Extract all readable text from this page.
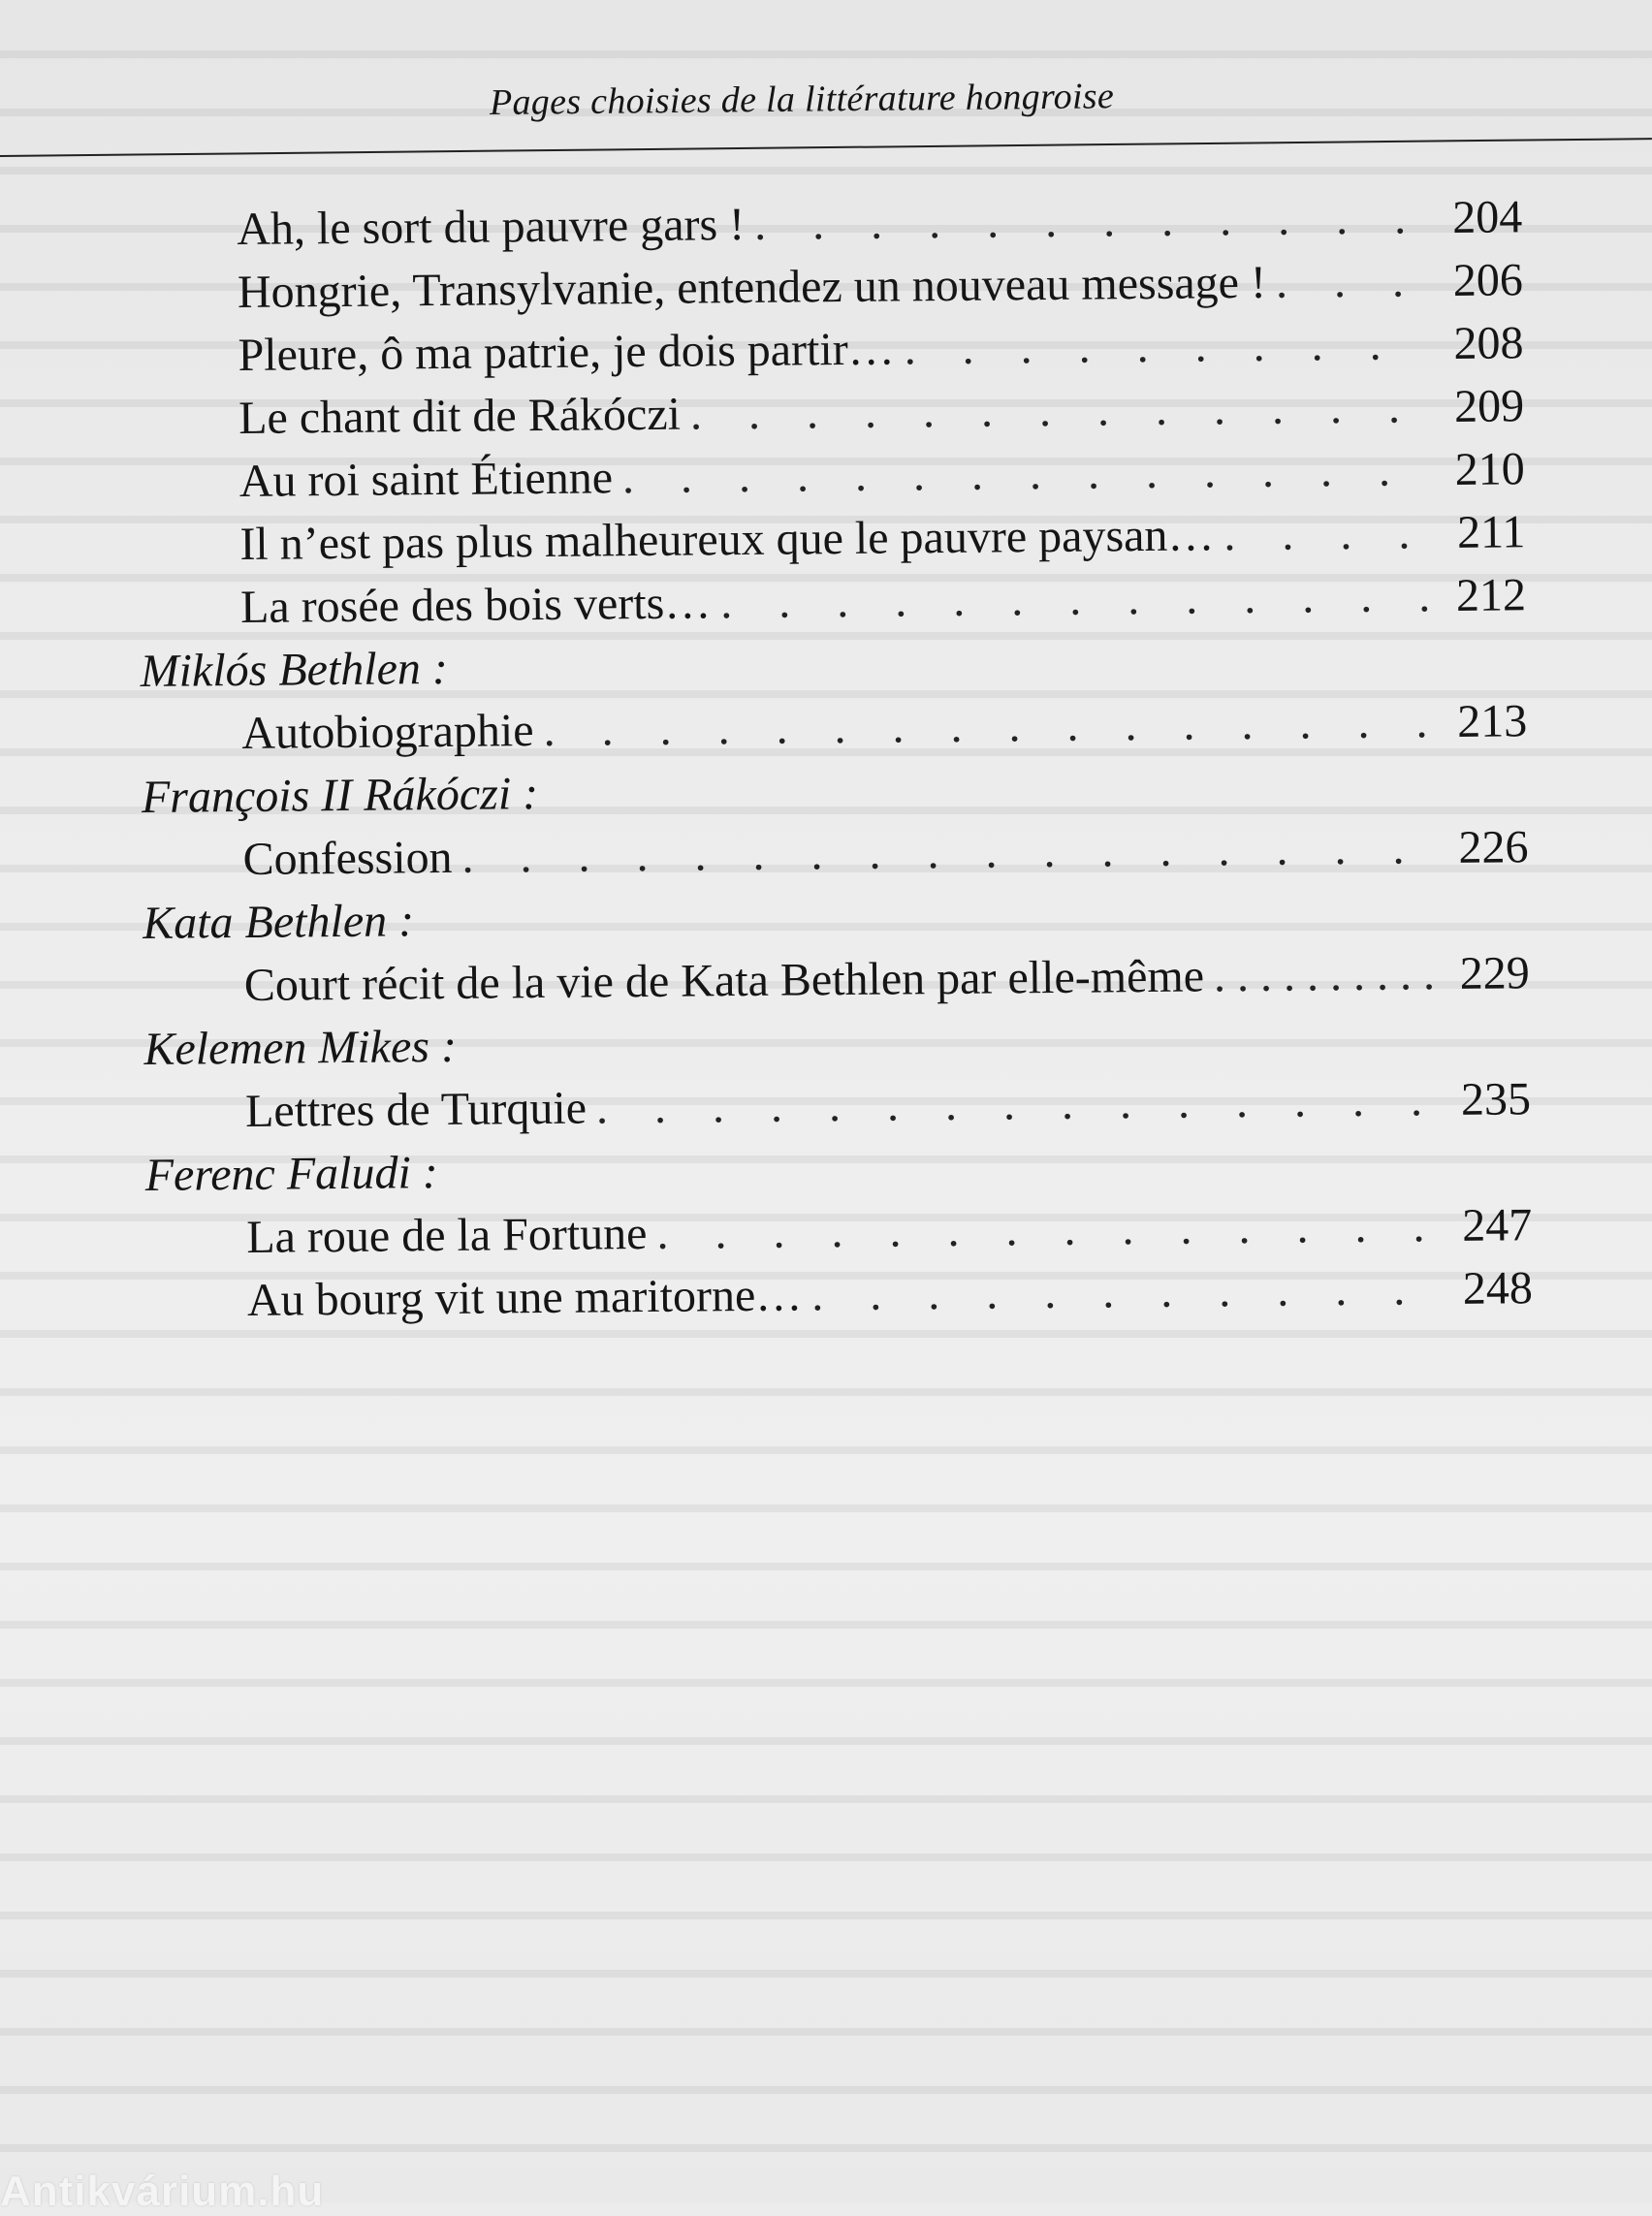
Pages choisies de la littérature hongroise
Ah, le sort du pauvre gars ! . . .	204
Hongrie, Transylvanie, entendez un nouveau message ! . . .	206
Pleure, ô ma patrie, je dois partir… . . .	208
Le chant dit de Rákóczi . . .	209
Au roi saint Étienne . . .	210
Il n’est pas plus malheureux que le pauvre paysan… . . .	211
La rosée des bois verts… . . .	212
Miklós Bethlen :
Autobiographie . . .	213
François II Rákóczi :
Confession . . .	226
Kata Bethlen :
Court récit de la vie de Kata Bethlen par elle-même . . .	229
Kelemen Mikes :
Lettres de Turquie . . .	235
Ferenc Faludi :
La roue de la Fortune . . .	247
Au bourg vit une maritorne… . . .	248
Antikvárium.hu
